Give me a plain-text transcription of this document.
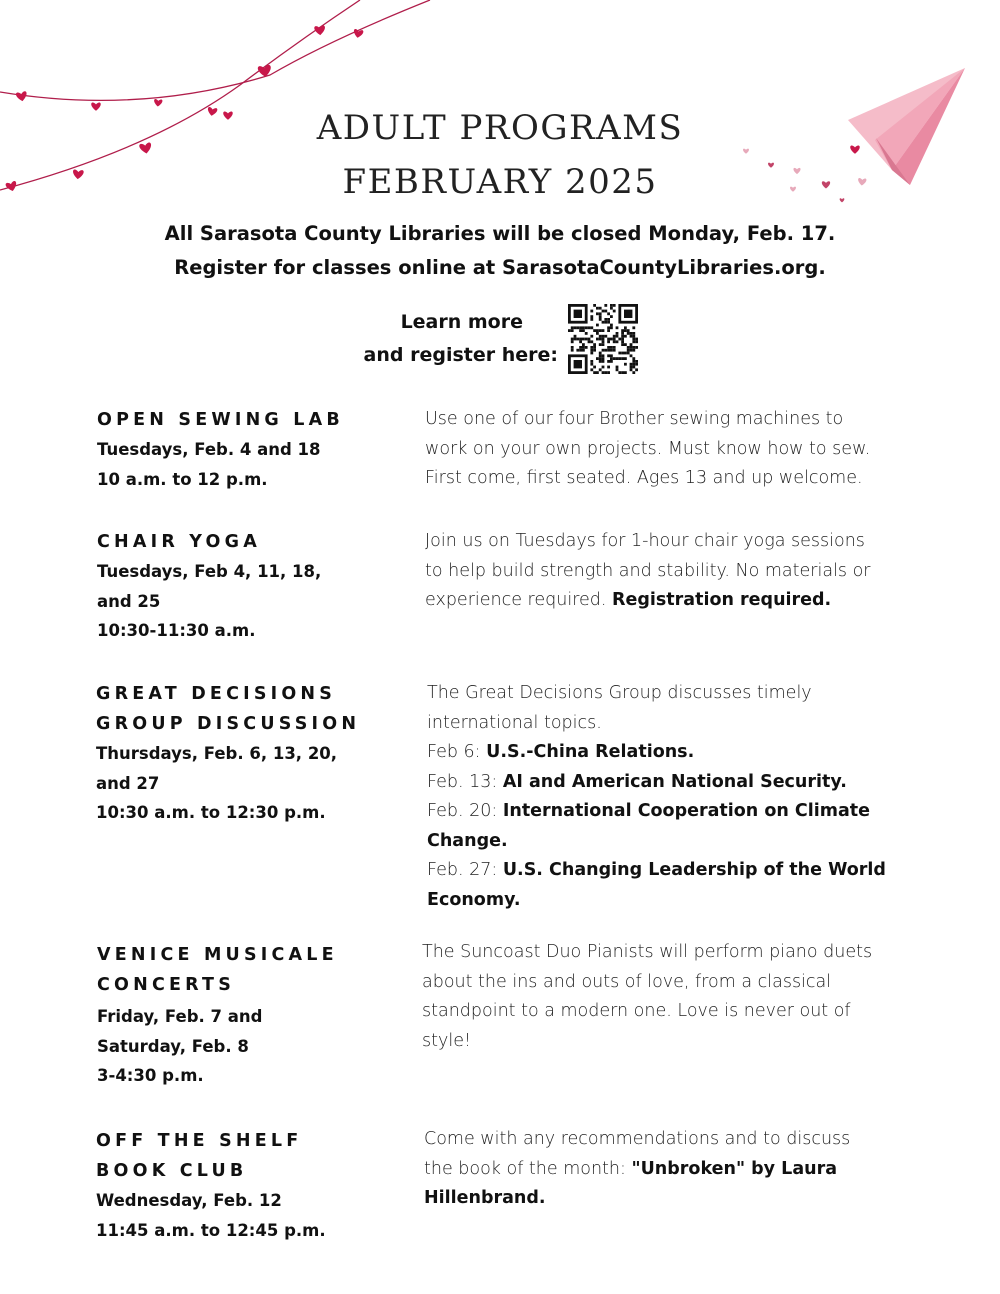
ADULT PROGRAMS
FEBRUARY 2025
All Sarasota County Libraries will be closed Monday, Feb. 17.
Register for classes online at SarasotaCountyLibraries.org.
Learn more
and register here:
OPEN SEWING LAB
Tuesdays, Feb. 4 and 18
10 a.m. to 12 p.m.
Use one of our four Brother sewing machines to
work on your own projects. Must know how to sew.
First come, first seated. Ages 13 and up welcome.
CHAIR YOGA
Tuesdays, Feb 4, 11, 18,
and 25
10:30-11:30 a.m.
Join us on Tuesdays for 1-hour chair yoga sessions
to help build strength and stability. No materials or
experience required. Registration required.
GREAT DECISIONS
GROUP DISCUSSION
Thursdays, Feb. 6, 13, 20,
and 27
10:30 a.m. to 12:30 p.m.
The Great Decisions Group discusses timely
international topics.
Feb 6: U.S.-China Relations.
Feb. 13: AI and American National Security.
Feb. 20: International Cooperation on Climate
Change.
Feb. 27: U.S. Changing Leadership of the World
Economy.
VENICE MUSICALE
CONCERTS
Friday, Feb. 7 and
Saturday, Feb. 8
3-4:30 p.m.
The Suncoast Duo Pianists will perform piano duets
about the ins and outs of love, from a classical
standpoint to a modern one. Love is never out of
style!
OFF THE SHELF
BOOK CLUB
Wednesday, Feb. 12
11:45 a.m. to 12:45 p.m.
Come with any recommendations and to discuss
the book of the month: "Unbroken" by Laura
Hillenbrand.
